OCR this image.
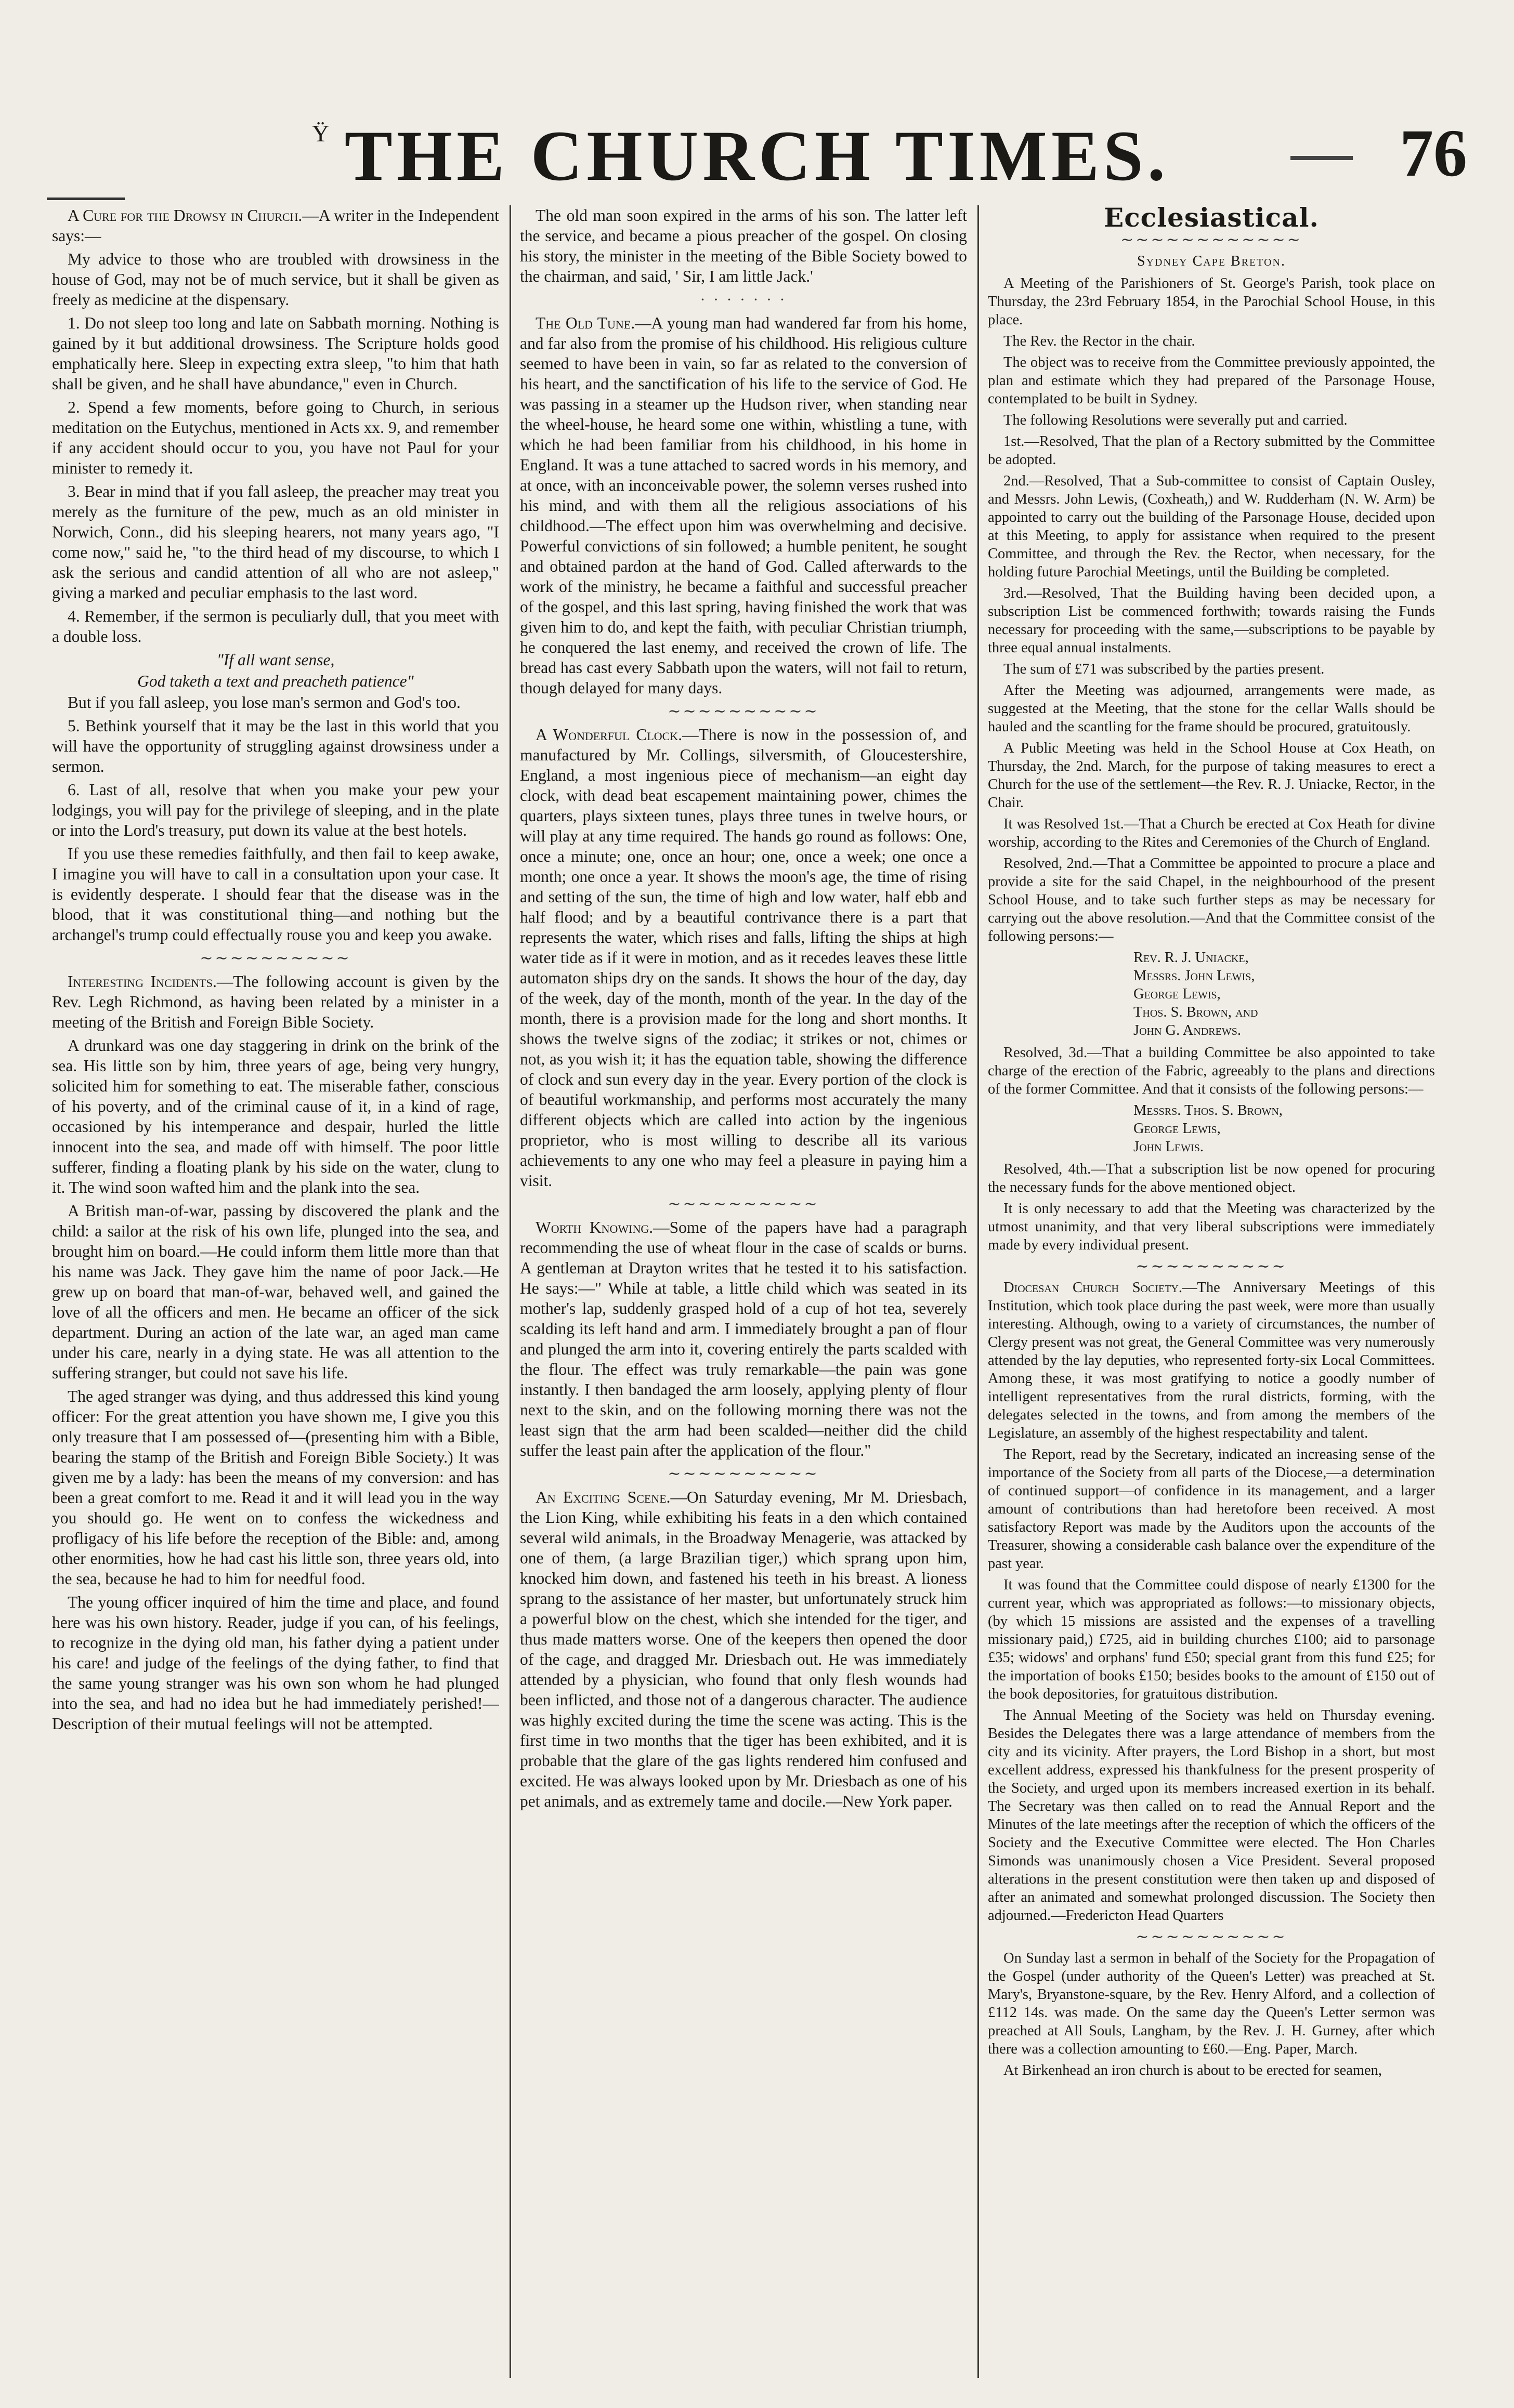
Ϋ THE CHURCH TIMES.	76

A Cure for the Drowsy in Church.—A writer in the Independent says:—

My advice to those who are troubled with drowsiness in the house of God, may not be of much service, but it shall be given as freely as medicine at the dispensary.

1. Do not sleep too long and late on Sabbath morning. Nothing is gained by it but additional drowsiness. The Scripture holds good emphatically here. Sleep in expecting extra sleep, "to him that hath shall be given, and he shall have abundance," even in Church.

2. Spend a few moments, before going to Church, in serious meditation on the Eutychus, mentioned in Acts xx. 9, and remember if any accident should occur to you, you have not Paul for your minister to remedy it.

3. Bear in mind that if you fall asleep, the preacher may treat you merely as the furniture of the pew, much as an old minister in Norwich, Conn., did his sleeping hearers, not many years ago, "I come now," said he, "to the third head of my discourse, to which I ask the serious and candid attention of all who are not asleep," giving a marked and peculiar emphasis to the last word.

4. Remember, if the sermon is peculiarly dull, that you meet with a double loss.

"If all want sense,

God taketh a text and preacheth patience"

But if you fall asleep, you lose man's sermon and God's too.

5. Bethink yourself that it may be the last in this world that you will have the opportunity of struggling against drowsiness under a sermon.

6. Last of all, resolve that when you make your pew your lodgings, you will pay for the privilege of sleeping, and in the plate or into the Lord's treasury, put down its value at the best hotels.

If you use these remedies faithfully, and then fail to keep awake, I imagine you will have to call in a consultation upon your case. It is evidently desperate. I should fear that the disease was in the blood, that it was constitutional thing—and nothing but the archangel's trump could effectually rouse you and keep you awake.

∼∼∼∼∼∼∼∼∼∼

Interesting Incidents.—The following account is given by the Rev. Legh Richmond, as having been related by a minister in a meeting of the British and Foreign Bible Society.

A drunkard was one day staggering in drink on the brink of the sea. His little son by him, three years of age, being very hungry, solicited him for something to eat. The miserable father, conscious of his poverty, and of the criminal cause of it, in a kind of rage, occasioned by his intemperance and despair, hurled the little innocent into the sea, and made off with himself. The poor little sufferer, finding a floating plank by his side on the water, clung to it. The wind soon wafted him and the plank into the sea.

A British man-of-war, passing by discovered the plank and the child: a sailor at the risk of his own life, plunged into the sea, and brought him on board.—He could inform them little more than that his name was Jack. They gave him the name of poor Jack.—He grew up on board that man-of-war, behaved well, and gained the love of all the officers and men. He became an officer of the sick department. During an action of the late war, an aged man came under his care, nearly in a dying state. He was all attention to the suffering stranger, but could not save his life.

The aged stranger was dying, and thus addressed this kind young officer: For the great attention you have shown me, I give you this only treasure that I am possessed of—(presenting him with a Bible, bearing the stamp of the British and Foreign Bible Society.) It was given me by a lady: has been the means of my conversion: and has been a great comfort to me. Read it and it will lead you in the way you should go. He went on to confess the wickedness and profligacy of his life before the reception of the Bible: and, among other enormities, how he had cast his little son, three years old, into the sea, because he had to him for needful food.

The young officer inquired of him the time and place, and found here was his own history. Reader, judge if you can, of his feelings, to recognize in the dying old man, his father dying a patient under his care! and judge of the feelings of the dying father, to find that the same young stranger was his own son whom he had plunged into the sea, and had no idea but he had immediately perished!—Description of their mutual feelings will not be attempted.

The old man soon expired in the arms of his son. The latter left the service, and became a pious preacher of the gospel. On closing his story, the minister in the meeting of the Bible Society bowed to the chairman, and said, ' Sir, I am little Jack.'

· · · · · · ·

The Old Tune.—A young man had wandered far from his home, and far also from the promise of his childhood. His religious culture seemed to have been in vain, so far as related to the conversion of his heart, and the sanctification of his life to the service of God. He was passing in a steamer up the Hudson river, when standing near the wheel-house, he heard some one within, whistling a tune, with which he had been familiar from his childhood, in his home in England. It was a tune attached to sacred words in his memory, and at once, with an inconceivable power, the solemn verses rushed into his mind, and with them all the religious associations of his childhood.—The effect upon him was overwhelming and decisive. Powerful convictions of sin followed; a humble penitent, he sought and obtained pardon at the hand of God. Called afterwards to the work of the ministry, he became a faithful and successful preacher of the gospel, and this last spring, having finished the work that was given him to do, and kept the faith, with peculiar Christian triumph, he conquered the last enemy, and received the crown of life. The bread has cast every Sabbath upon the waters, will not fail to return, though delayed for many days.

∼∼∼∼∼∼∼∼∼∼

A Wonderful Clock.—There is now in the possession of, and manufactured by Mr. Collings, silversmith, of Gloucestershire, England, a most ingenious piece of mechanism—an eight day clock, with dead beat escapement maintaining power, chimes the quarters, plays sixteen tunes, plays three tunes in twelve hours, or will play at any time required. The hands go round as follows: One, once a minute; one, once an hour; one, once a week; one once a month; one once a year. It shows the moon's age, the time of rising and setting of the sun, the time of high and low water, half ebb and half flood; and by a beautiful contrivance there is a part that represents the water, which rises and falls, lifting the ships at high water tide as if it were in motion, and as it recedes leaves these little automaton ships dry on the sands. It shows the hour of the day, day of the week, day of the month, month of the year. In the day of the month, there is a provision made for the long and short months. It shows the twelve signs of the zodiac; it strikes or not, chimes or not, as you wish it; it has the equation table, showing the difference of clock and sun every day in the year. Every portion of the clock is of beautiful workmanship, and performs most accurately the many different objects which are called into action by the ingenious proprietor, who is most willing to describe all its various achievements to any one who may feel a pleasure in paying him a visit.

∼∼∼∼∼∼∼∼∼∼

Worth Knowing.—Some of the papers have had a paragraph recommending the use of wheat flour in the case of scalds or burns. A gentleman at Drayton writes that he tested it to his satisfaction. He says:—" While at table, a little child which was seated in its mother's lap, suddenly grasped hold of a cup of hot tea, severely scalding its left hand and arm. I immediately brought a pan of flour and plunged the arm into it, covering entirely the parts scalded with the flour. The effect was truly remarkable—the pain was gone instantly. I then bandaged the arm loosely, applying plenty of flour next to the skin, and on the following morning there was not the least sign that the arm had been scalded—neither did the child suffer the least pain after the application of the flour."

∼∼∼∼∼∼∼∼∼∼

An Exciting Scene.—On Saturday evening, Mr M. Driesbach, the Lion King, while exhibiting his feats in a den which contained several wild animals, in the Broadway Menagerie, was attacked by one of them, (a large Brazilian tiger,) which sprang upon him, knocked him down, and fastened his teeth in his breast. A lioness sprang to the assistance of her master, but unfortunately struck him a powerful blow on the chest, which she intended for the tiger, and thus made matters worse. One of the keepers then opened the door of the cage, and dragged Mr. Driesbach out. He was immediately attended by a physician, who found that only flesh wounds had been inflicted, and those not of a dangerous character. The audience was highly excited during the time the scene was acting. This is the first time in two months that the tiger has been exhibited, and it is probable that the glare of the gas lights rendered him confused and excited. He was always looked upon by Mr. Driesbach as one of his pet animals, and as extremely tame and docile.—New York paper.

Ecclesiastical.
∼∼∼∼∼∼∼∼∼∼∼∼
Sydney Cape Breton.

A Meeting of the Parishioners of St. George's Parish, took place on Thursday, the 23rd February 1854, in the Parochial School House, in this place.

The Rev. the Rector in the chair.

The object was to receive from the Committee previously appointed, the plan and estimate which they had prepared of the Parsonage House, contemplated to be built in Sydney.

The following Resolutions were severally put and carried.

1st.—Resolved, That the plan of a Rectory submitted by the Committee be adopted.

2nd.—Resolved, That a Sub-committee to consist of Captain Ousley, and Messrs. John Lewis, (Coxheath,) and W. Rudderham (N. W. Arm) be appointed to carry out the building of the Parsonage House, decided upon at this Meeting, to apply for assistance when required to the present Committee, and through the Rev. the Rector, when necessary, for the holding future Parochial Meetings, until the Building be completed.

3rd.—Resolved, That the Building having been decided upon, a subscription List be commenced forthwith; towards raising the Funds necessary for proceeding with the same,—subscriptions to be payable by three equal annual instalments.

The sum of £71 was subscribed by the parties present.

After the Meeting was adjourned, arrangements were made, as suggested at the Meeting, that the stone for the cellar Walls should be hauled and the scantling for the frame should be procured, gratuitously.

A Public Meeting was held in the School House at Cox Heath, on Thursday, the 2nd. March, for the purpose of taking measures to erect a Church for the use of the settlement—the Rev. R. J. Uniacke, Rector, in the Chair.

It was Resolved 1st.—That a Church be erected at Cox Heath for divine worship, according to the Rites and Ceremonies of the Church of England.

Resolved, 2nd.—That a Committee be appointed to procure a place and provide a site for the said Chapel, in the neighbourhood of the present School House, and to take such further steps as may be necessary for carrying out the above resolution.—And that the Committee consist of the following persons:—

Rev. R. J. Uniacke,
Messrs. John Lewis,
George Lewis,
Thos. S. Brown, and
John G. Andrews.

Resolved, 3d.—That a building Committee be also appointed to take charge of the erection of the Fabric, agreeably to the plans and directions of the former Committee. And that it consists of the following persons:—

Messrs. Thos. S. Brown,
George Lewis,
John Lewis.

Resolved, 4th.—That a subscription list be now opened for procuring the necessary funds for the above mentioned object.

It is only necessary to add that the Meeting was characterized by the utmost unanimity, and that very liberal subscriptions were immediately made by every individual present.

∼∼∼∼∼∼∼∼∼∼

Diocesan Church Society.—The Anniversary Meetings of this Institution, which took place during the past week, were more than usually interesting. Although, owing to a variety of circumstances, the number of Clergy present was not great, the General Committee was very numerously attended by the lay deputies, who represented forty-six Local Committees. Among these, it was most gratifying to notice a goodly number of intelligent representatives from the rural districts, forming, with the delegates selected in the towns, and from among the members of the Legislature, an assembly of the highest respectability and talent.

The Report, read by the Secretary, indicated an increasing sense of the importance of the Society from all parts of the Diocese,—a determination of continued support—of confidence in its management, and a larger amount of contributions than had heretofore been received. A most satisfactory Report was made by the Auditors upon the accounts of the Treasurer, showing a considerable cash balance over the expenditure of the past year.

It was found that the Committee could dispose of nearly £1300 for the current year, which was appropriated as follows:—to missionary objects, (by which 15 missions are assisted and the expenses of a travelling missionary paid,) £725, aid in building churches £100; aid to parsonage £35; widows' and orphans' fund £50; special grant from this fund £25; for the importation of books £150; besides books to the amount of £150 out of the book depositories, for gratuitous distribution.

The Annual Meeting of the Society was held on Thursday evening. Besides the Delegates there was a large attendance of members from the city and its vicinity. After prayers, the Lord Bishop in a short, but most excellent address, expressed his thankfulness for the present prosperity of the Society, and urged upon its members increased exertion in its behalf. The Secretary was then called on to read the Annual Report and the Minutes of the late meetings after the reception of which the officers of the Society and the Executive Committee were elected. The Hon Charles Simonds was unanimously chosen a Vice President. Several proposed alterations in the present constitution were then taken up and disposed of after an animated and somewhat prolonged discussion. The Society then adjourned.—Fredericton Head Quarters

∼∼∼∼∼∼∼∼∼∼

On Sunday last a sermon in behalf of the Society for the Propagation of the Gospel (under authority of the Queen's Letter) was preached at St. Mary's, Bryanstone-square, by the Rev. Henry Alford, and a collection of £112 14s. was made. On the same day the Queen's Letter sermon was preached at All Souls, Langham, by the Rev. J. H. Gurney, after which there was a collection amounting to £60.—Eng. Paper, March.

At Birkenhead an iron church is about to be erected for seamen,
